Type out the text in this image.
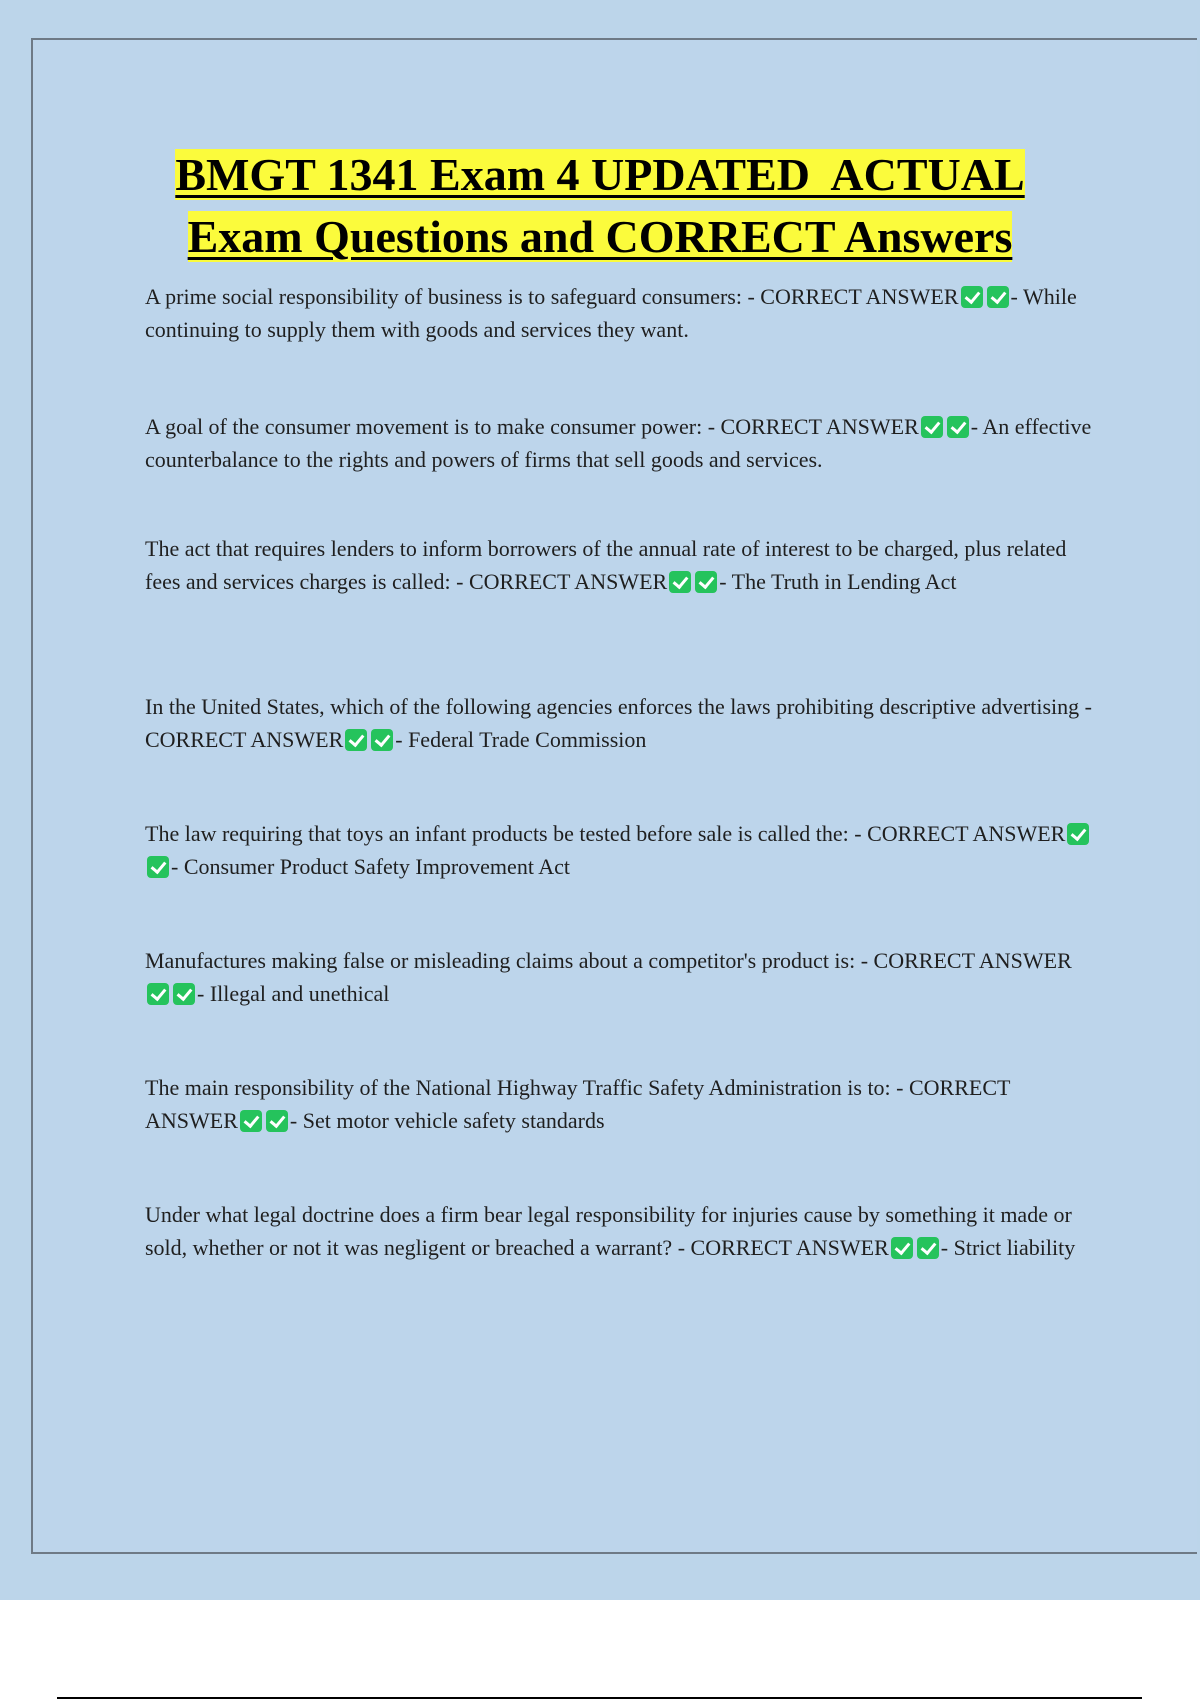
BMGT 1341 Exam 4 UPDATED  ACTUAL
Exam Questions and CORRECT Answers

A prime social responsibility of business is to safeguard consumers: - CORRECT ANSWER - While continuing to supply them with goods and services they want.

A goal of the consumer movement is to make consumer power: - CORRECT ANSWER - An effective counterbalance to the rights and powers of firms that sell goods and services.

The act that requires lenders to inform borrowers of the annual rate of interest to be charged, plus related fees and services charges is called: - CORRECT ANSWER - The Truth in Lending Act

In the United States, which of the following agencies enforces the laws prohibiting descriptive advertising - CORRECT ANSWER - Federal Trade Commission

The law requiring that toys an infant products be tested before sale is called the: - CORRECT ANSWER- Consumer Product Safety Improvement Act

Manufactures making false or misleading claims about a competitor's product is: - CORRECT ANSWER- Illegal and unethical

The main responsibility of the National Highway Traffic Safety Administration is to: - CORRECT ANSWER - Set motor vehicle safety standards

Under what legal doctrine does a firm bear legal responsibility for injuries cause by something it made or sold, whether or not it was negligent or breached a warrant? - CORRECT ANSWER - Strict liability
